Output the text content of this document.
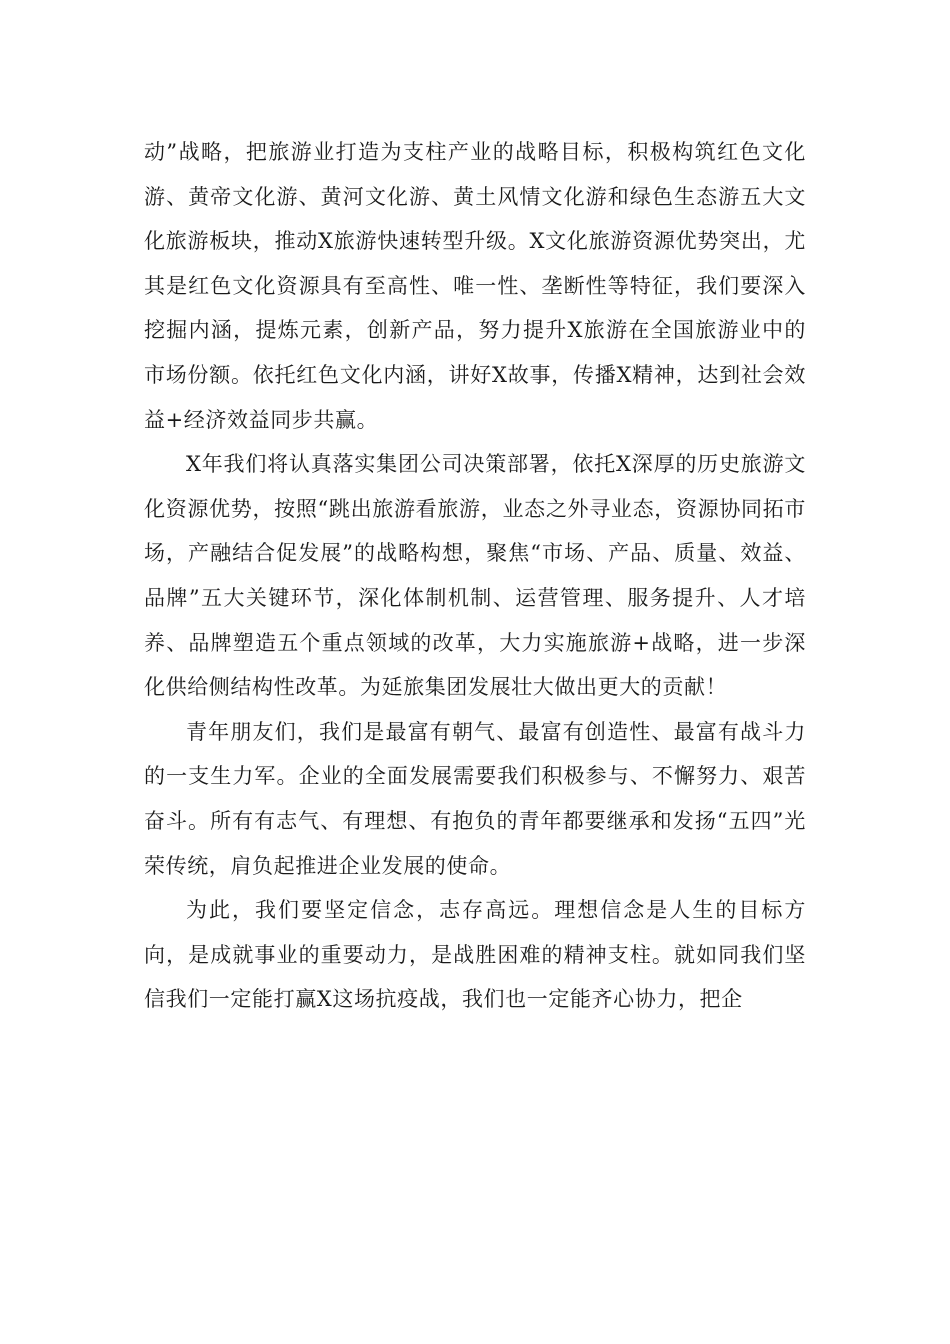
动”战略，把旅游业打造为支柱产业的战略目标，积极构筑红色文化游、黄帝文化游、黄河文化游、黄土风情文化游和绿色生态游五大文化旅游板块，推动X旅游快速转型升级。X文化旅游资源优势突出，尤其是红色文化资源具有至高性、唯一性、垄断性等特征，我们要深入挖掘内涵，提炼元素，创新产品，努力提升X旅游在全国旅游业中的市场份额。依托红色文化内涵，讲好X故事，传播X精神，达到社会效益+经济效益同步共赢。

X年我们将认真落实集团公司决策部署，依托X深厚的历史旅游文化资源优势，按照“跳出旅游看旅游，业态之外寻业态，资源协同拓市场，产融结合促发展”的战略构想，聚焦“市场、产品、质量、效益、品牌”五大关键环节，深化体制机制、运营管理、服务提升、人才培养、品牌塑造五个重点领域的改革，大力实施旅游+战略，进一步深化供给侧结构性改革。为延旅集团发展壮大做出更大的贡献！

青年朋友们，我们是最富有朝气、最富有创造性、最富有战斗力的一支生力军。企业的全面发展需要我们积极参与、不懈努力、艰苦奋斗。所有有志气、有理想、有抱负的青年都要继承和发扬“五四”光荣传统，肩负起推进企业发展的使命。

为此，我们要坚定信念，志存高远。理想信念是人生的目标方向，是成就事业的重要动力，是战胜困难的精神支柱。就如同我们坚信我们一定能打赢X这场抗疫战，我们也一定能齐心协力，把企
